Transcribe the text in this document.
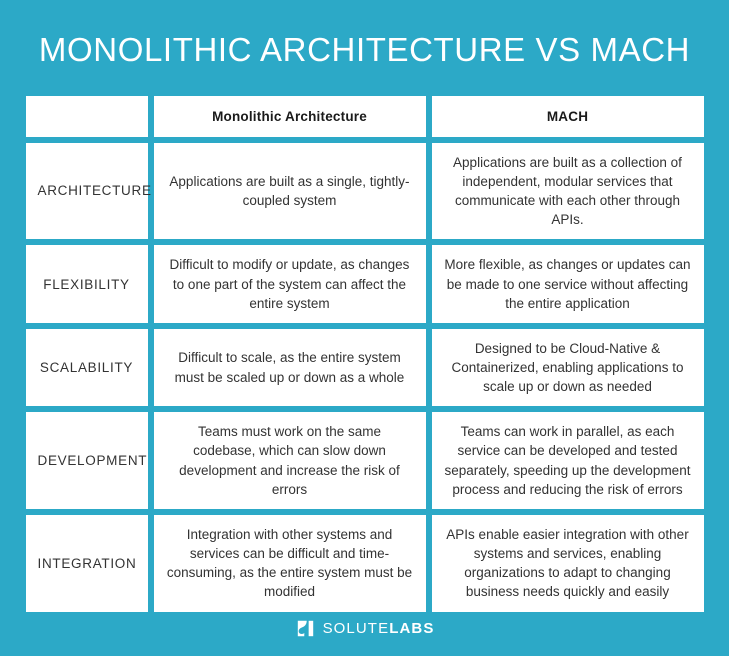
MONOLITHIC ARCHITECTURE VS MACH
	Monolithic Architecture	MACH
ARCHITECTURE	Applications are built as a single, tightly-coupled system	Applications are built as a collection of independent, modular services that communicate with each other through APIs.
FLEXIBILITY	Difficult to modify or update, as changes to one part of the system can affect the entire system	More flexible, as changes or updates can be made to one service without affecting the entire application
SCALABILITY	Difficult to scale, as the entire system must be scaled up or down as a whole	Designed to be Cloud-Native & Containerized, enabling applications to scale up or down as needed
DEVELOPMENT	Teams must work on the same codebase, which can slow down development and increase the risk of errors	Teams can work in parallel, as each service can be developed and tested separately, speeding up the development process and reducing the risk of errors
INTEGRATION	Integration with other systems and services can be difficult and time-consuming, as the entire system must be modified	APIs enable easier integration with other systems and services, enabling organizations to adapt to changing business needs quickly and easily
SOLUTELABS
